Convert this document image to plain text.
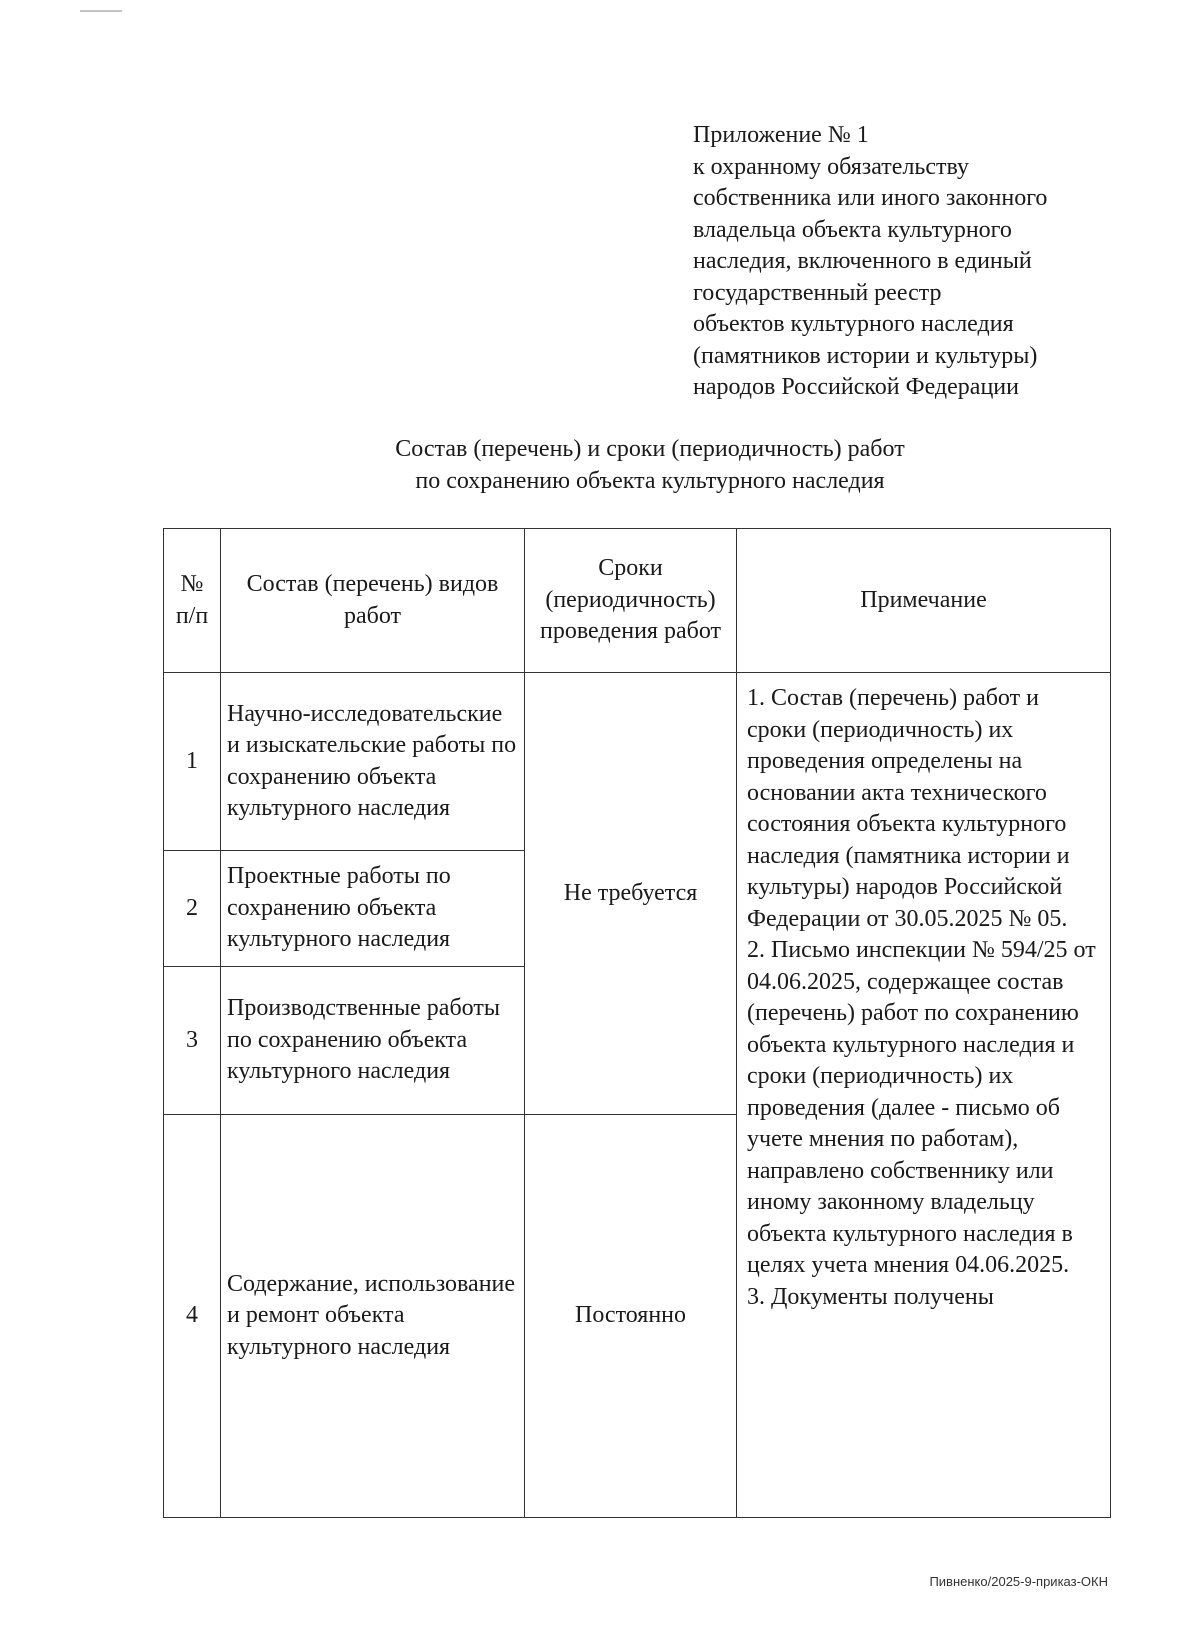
Приложение № 1
к охранному обязательству
собственника или иного законного
владельца объекта культурного
наследия, включенного в единый
государственный реестр
объектов культурного наследия
(памятников истории и культуры)
народов Российской Федерации
Состав (перечень) и сроки (периодичность) работ
по сохранению объекта культурного наследия
№ п/п	Состав (перечень) видов работ	Сроки (периодичность) проведения работ	Примечание
1	Научно-исследовательские и изыскательские работы по сохранению объекта культурного наследия	Не требуется	1. Состав (перечень) работ и сроки (периодичность) их проведения определены на основании акта технического состояния объекта культурного наследия (памятника истории и культуры) народов Российской Федерации от 30.05.2025 № 05.
2. Письмо инспекции № 594/25 от 04.06.2025, содержащее состав (перечень) работ по сохранению объекта культурного наследия и сроки (периодичность) их проведения (далее - письмо об учете мнения по работам), направлено собственнику или иному законному владельцу объекта культурного наследия в целях учета мнения 04.06.2025.
3. Документы получены

2	Проектные работы по сохранению объекта культурного наследия		
3	Производственные работы по сохранению объекта культурного наследия		
4	Содержание, использование и ремонт объекта культурного наследия	Постоянно	
Пивненко/2025-9-приказ-ОКН
